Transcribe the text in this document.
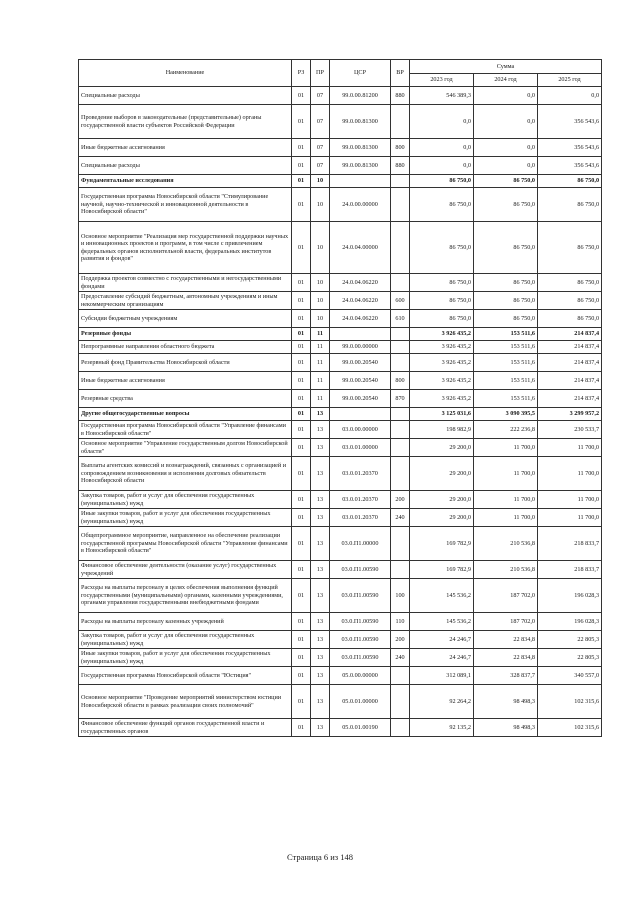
Наименование	РЗ	ПР	ЦСР	ВР	Сумма		
					2023 год	2024 год	2025 год
Специальные расходы	01	07	99.0.00.81200	880	546 389,3	0,0	0,0
Проведение выборов в законодательные (представительные) органы государственной власти субъектов Российской Федерации	01	07	99.0.00.81300		0,0	0,0	356 543,6
Иные бюджетные ассигнования	01	07	99.0.00.81300	800	0,0	0,0	356 543,6
Специальные расходы	01	07	99.0.00.81300	880	0,0	0,0	356 543,6
Фундаментальные исследования	01	10			86 750,0	86 750,0	86 750,0
Государственная программа Новосибирской области "Стимулирование научной, научно-технической и инновационной деятельности в Новосибирской области"	01	10	24.0.00.00000		86 750,0	86 750,0	86 750,0
Основное мероприятие "Реализация мер государственной поддержки научных и инновационных проектов и программ, в том числе с привлечением федеральных органов исполнительной власти, федеральных институтов развития и фондов"	01	10	24.0.04.00000		86 750,0	86 750,0	86 750,0
Поддержка проектов совместно с государственными и негосударственными фондами	01	10	24.0.04.06220		86 750,0	86 750,0	86 750,0
Предоставление субсидий бюджетным, автономным учреждениям и иным некоммерческим организациям	01	10	24.0.04.06220	600	86 750,0	86 750,0	86 750,0
Субсидии бюджетным учреждениям	01	10	24.0.04.06220	610	86 750,0	86 750,0	86 750,0
Резервные фонды	01	11			3 926 435,2	153 511,6	214 837,4
Непрограммные направления областного бюджета	01	11	99.0.00.00000		3 926 435,2	153 511,6	214 837,4
Резервный фонд Правительства Новосибирской области	01	11	99.0.00.20540		3 926 435,2	153 511,6	214 837,4
Иные бюджетные ассигнования	01	11	99.0.00.20540	800	3 926 435,2	153 511,6	214 837,4
Резервные средства	01	11	99.0.00.20540	870	3 926 435,2	153 511,6	214 837,4
Другие общегосударственные вопросы	01	13			3 125 031,6	3 090 395,5	3 299 957,2
Государственная программа Новосибирской области "Управление финансами в Новосибирской области"	01	13	03.0.00.00000		198 982,9	222 236,8	230 533,7
Основное мероприятие "Управление государственным долгом Новосибирской области"	01	13	03.0.01.00000		29 200,0	11 700,0	11 700,0
Выплаты агентских комиссий и вознаграждений, связанных с организацией и сопровождением возникновения и исполнения долговых обязательств Новосибирской области	01	13	03.0.01.20370		29 200,0	11 700,0	11 700,0
Закупка товаров, работ и услуг для обеспечения государственных (муниципальных) нужд	01	13	03.0.01.20370	200	29 200,0	11 700,0	11 700,0
Иные закупки товаров, работ и услуг для обеспечения государственных (муниципальных) нужд	01	13	03.0.01.20370	240	29 200,0	11 700,0	11 700,0
Общепрограммное мероприятие, направленное на обеспечение реализации государственной программы Новосибирской области "Управление финансами в Новосибирской области"	01	13	03.0.П1.00000		169 782,9	210 536,8	218 833,7
Финансовое обеспечение деятельности (оказание услуг) государственных учреждений	01	13	03.0.П1.00590		169 782,9	210 536,8	218 833,7
Расходы на выплаты персоналу в целях обеспечения выполнения функций государственными (муниципальными) органами, казенными учреждениями, органами управления государственными внебюджетными фондами	01	13	03.0.П1.00590	100	145 536,2	187 702,0	196 028,3
Расходы на выплаты персоналу казенных учреждений	01	13	03.0.П1.00590	110	145 536,2	187 702,0	196 028,3
Закупка товаров, работ и услуг для обеспечения государственных (муниципальных) нужд	01	13	03.0.П1.00590	200	24 246,7	22 834,8	22 805,3
Иные закупки товаров, работ и услуг для обеспечения государственных (муниципальных) нужд	01	13	03.0.П1.00590	240	24 246,7	22 834,8	22 805,3
Государственная программа Новосибирской области "Юстиция"	01	13	05.0.00.00000		312 089,1	328 837,7	340 557,0
Основное мероприятие "Проведение мероприятий министерством юстиции Новосибирской области в рамках реализации своих полномочий"	01	13	05.0.01.00000		92 264,2	98 498,3	102 315,6
Финансовое обеспечение функций органов государственной власти и государственных органов	01	13	05.0.01.00190		92 135,2	98 498,3	102 315,6
Страница 6 из 148
